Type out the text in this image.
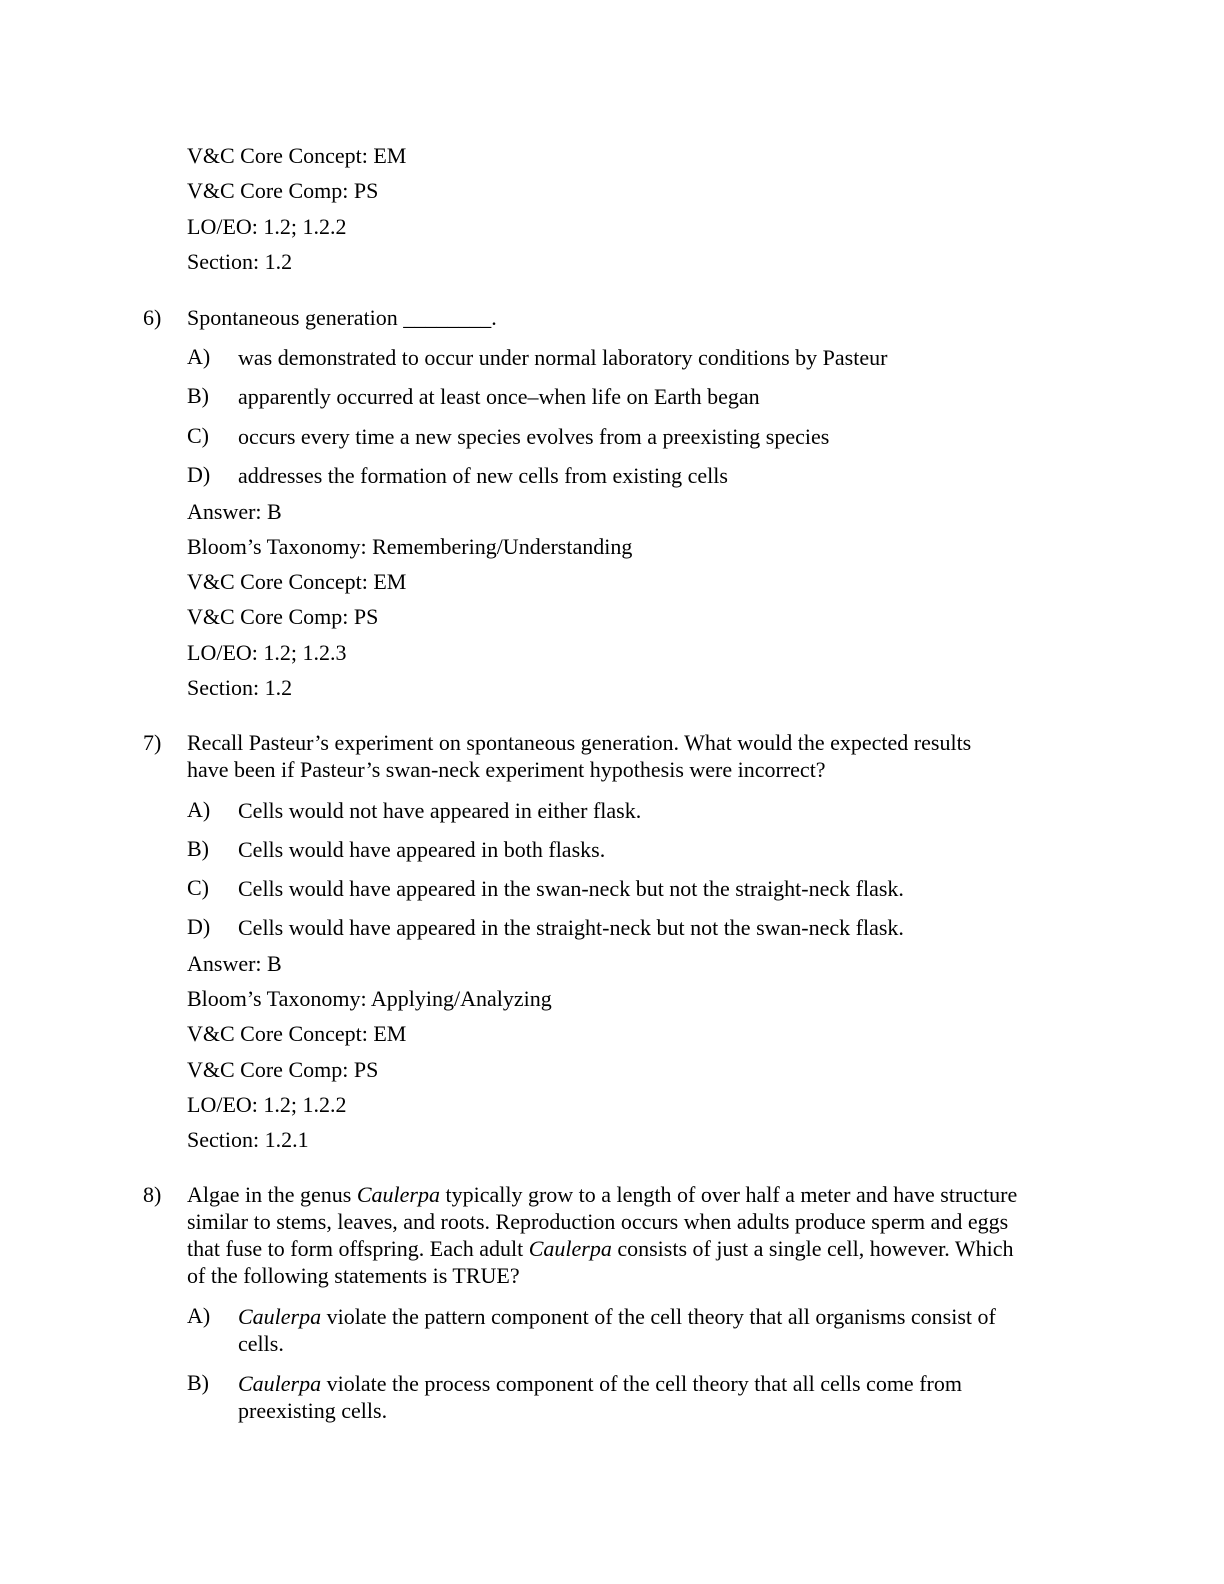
V&C Core Concept: EM
V&C Core Comp: PS
LO/EO: 1.2; 1.2.2
Section: 1.2
6) Spontaneous generation ________.
A) was demonstrated to occur under normal laboratory conditions by Pasteur
B) apparently occurred at least once–when life on Earth began
C) occurs every time a new species evolves from a preexisting species
D) addresses the formation of new cells from existing cells
Answer: B
Bloom’s Taxonomy: Remembering/Understanding
V&C Core Concept: EM
V&C Core Comp: PS
LO/EO: 1.2; 1.2.3
Section: 1.2
7) Recall Pasteur’s experiment on spontaneous generation. What would the expected results
have been if Pasteur’s swan-neck experiment hypothesis were incorrect?
A) Cells would not have appeared in either flask.
B) Cells would have appeared in both flasks.
C) Cells would have appeared in the swan-neck but not the straight-neck flask.
D) Cells would have appeared in the straight-neck but not the swan-neck flask.
Answer: B
Bloom’s Taxonomy: Applying/Analyzing
V&C Core Concept: EM
V&C Core Comp: PS
LO/EO: 1.2; 1.2.2
Section: 1.2.1
8) Algae in the genus Caulerpa typically grow to a length of over half a meter and have structure
similar to stems, leaves, and roots. Reproduction occurs when adults produce sperm and eggs
that fuse to form offspring. Each adult Caulerpa consists of just a single cell, however. Which
of the following statements is TRUE?
A) Caulerpa violate the pattern component of the cell theory that all organisms consist of
cells.
B) Caulerpa violate the process component of the cell theory that all cells come from
preexisting cells.
